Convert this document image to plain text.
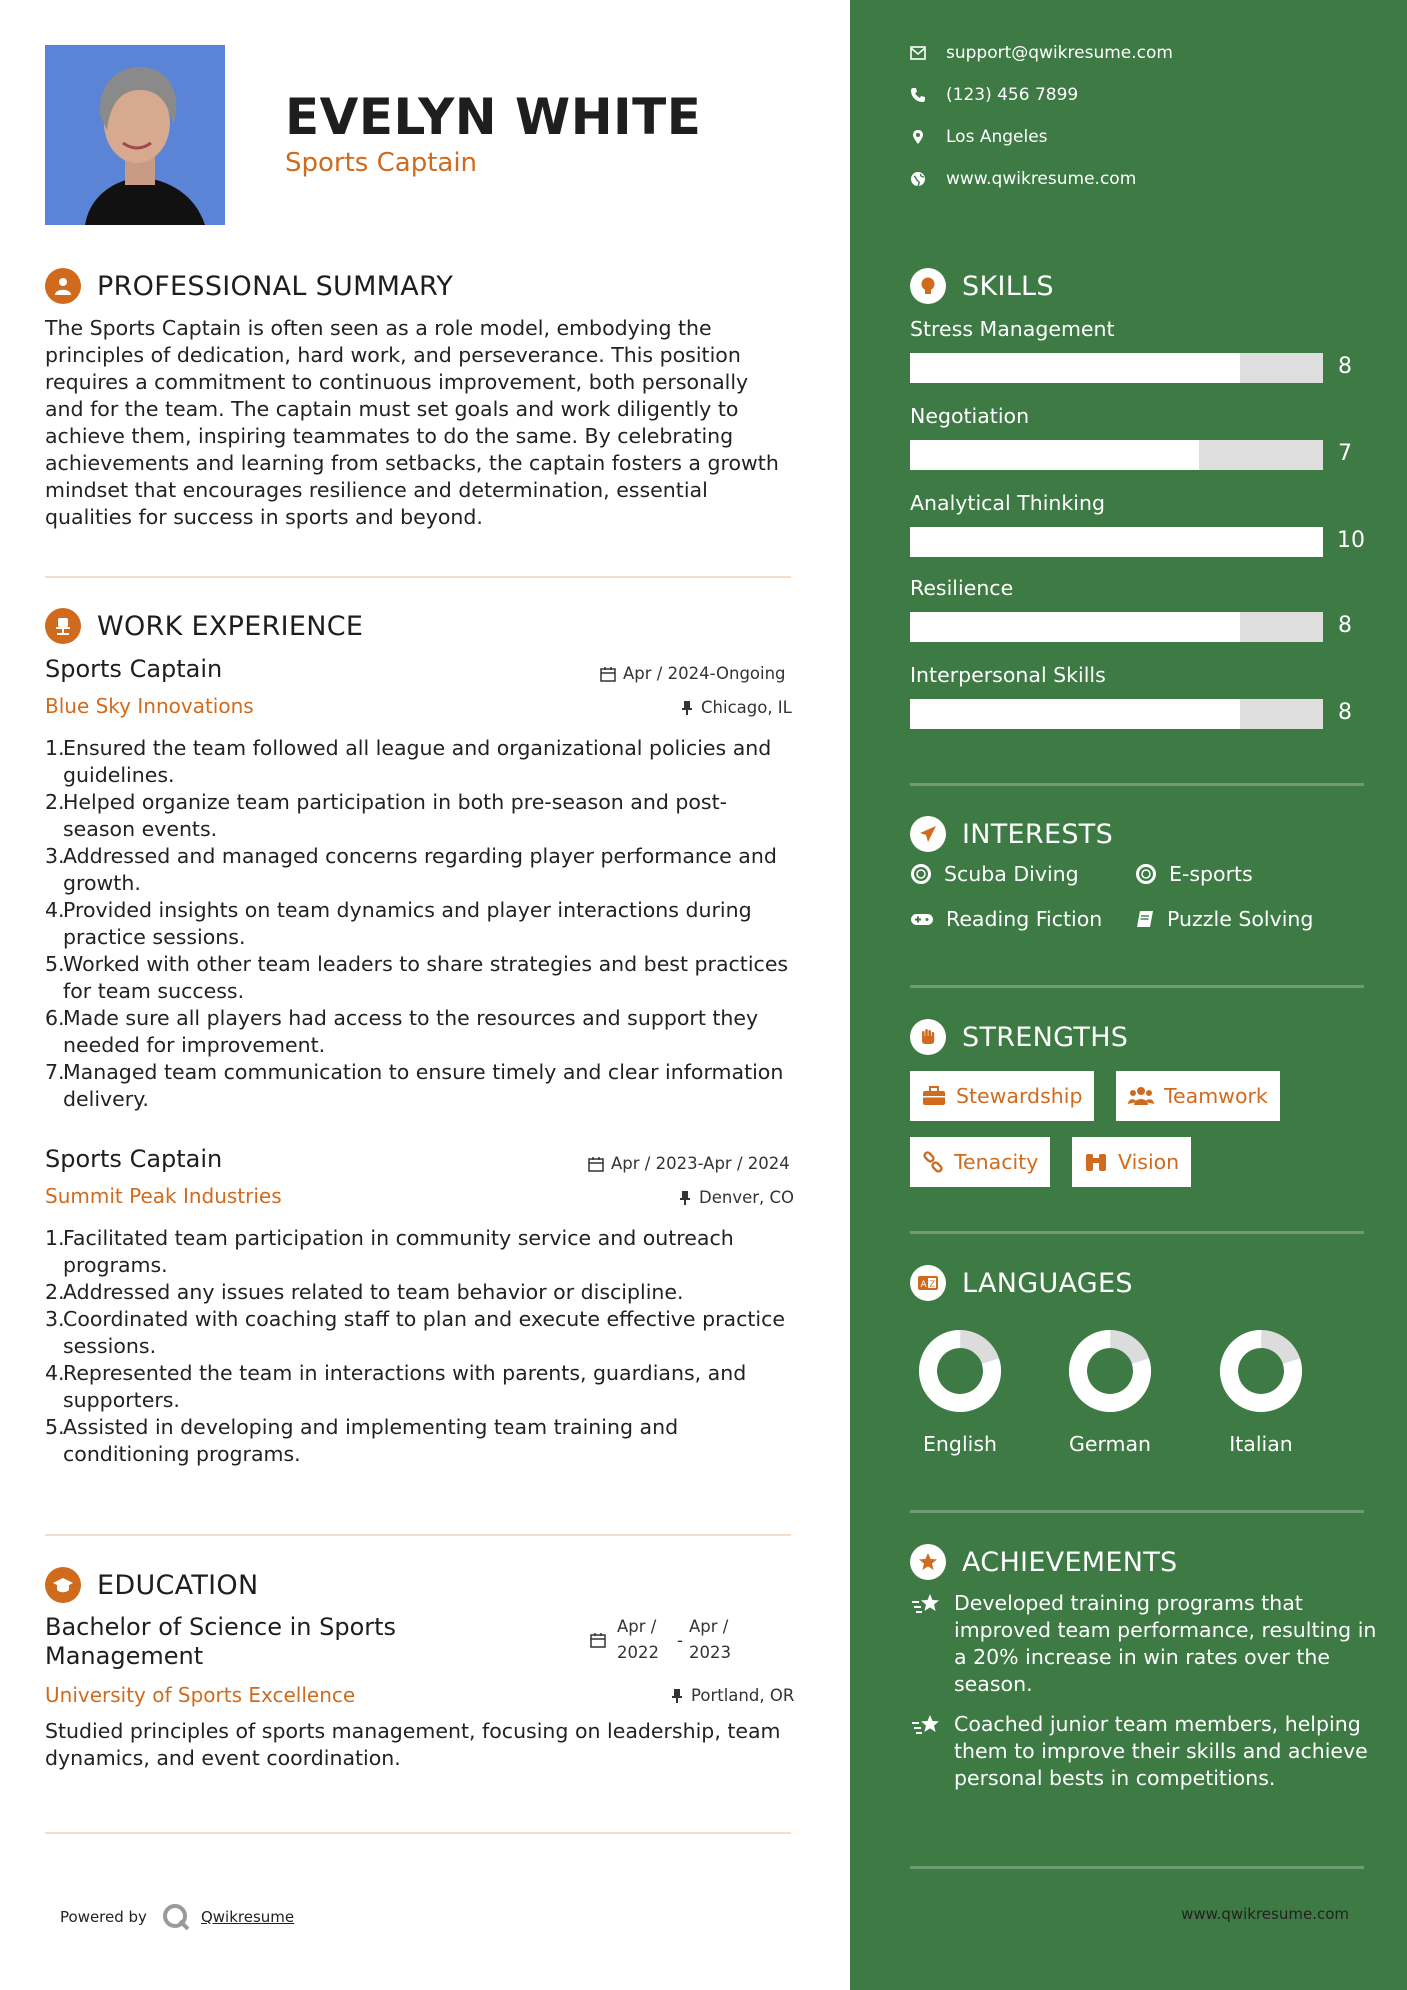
EVELYN WHITE
Sports Captain
PROFESSIONAL SUMMARY
The Sports Captain is often seen as a role model, embodying the principles of dedication, hard work, and perseverance. This position requires a commitment to continuous improvement, both personally and for the team. The captain must set goals and work diligently to achieve them, inspiring teammates to do the same. By celebrating achievements and learning from setbacks, the captain fosters a growth mindset that encourages resilience and determination, essential qualities for success in sports and beyond.
WORK EXPERIENCE
Sports Captain	Apr / 2024-Ongoing
Blue Sky Innovations	Chicago, IL
1.
Ensured the team followed all league and organizational policies and guidelines.
2.
Helped organize team participation in both pre-season and post-season events.
3.
Addressed and managed concerns regarding player performance and growth.
4.
Provided insights on team dynamics and player interactions during practice sessions.
5.
Worked with other team leaders to share strategies and best practices for team success.
6.
Made sure all players had access to the resources and support they needed for improvement.
7.
Managed team communication to ensure timely and clear information delivery.
Sports Captain	Apr / 2023-Apr / 2024
Summit Peak Industries	Denver, CO
1.
Facilitated team participation in community service and outreach programs.
2.
Addressed any issues related to team behavior or discipline.
3.
Coordinated with coaching staff to plan and execute effective practice sessions.
4.
Represented the team in interactions with parents, guardians, and supporters.
5.
Assisted in developing and implementing team training and conditioning programs.
EDUCATION
Bachelor of Science in Sports
Management
Apr /
2022
-
Apr /
2023
University of Sports Excellence	Portland, OR
Studied principles of sports management, focusing on leadership, team dynamics, and event coordination.
Powered by	Qwikresume
support@qwikresume.com
(123) 456 7899
Los Angeles
www.qwikresume.com
SKILLS
Stress Management
8
Negotiation
7
Analytical Thinking
10
Resilience
8
Interpersonal Skills
8
INTERESTS
Scuba Diving	E-sports
Reading Fiction	Puzzle Solving
STRENGTHS
Stewardship	Teamwork
Tenacity	Vision
A Z LANGUAGES
English	German	Italian
ACHIEVEMENTS
Developed training programs that improved team performance, resulting in a 20% increase in win rates over the season.
Coached junior team members, helping them to improve their skills and achieve personal bests in competitions.
www.qwikresume.com
